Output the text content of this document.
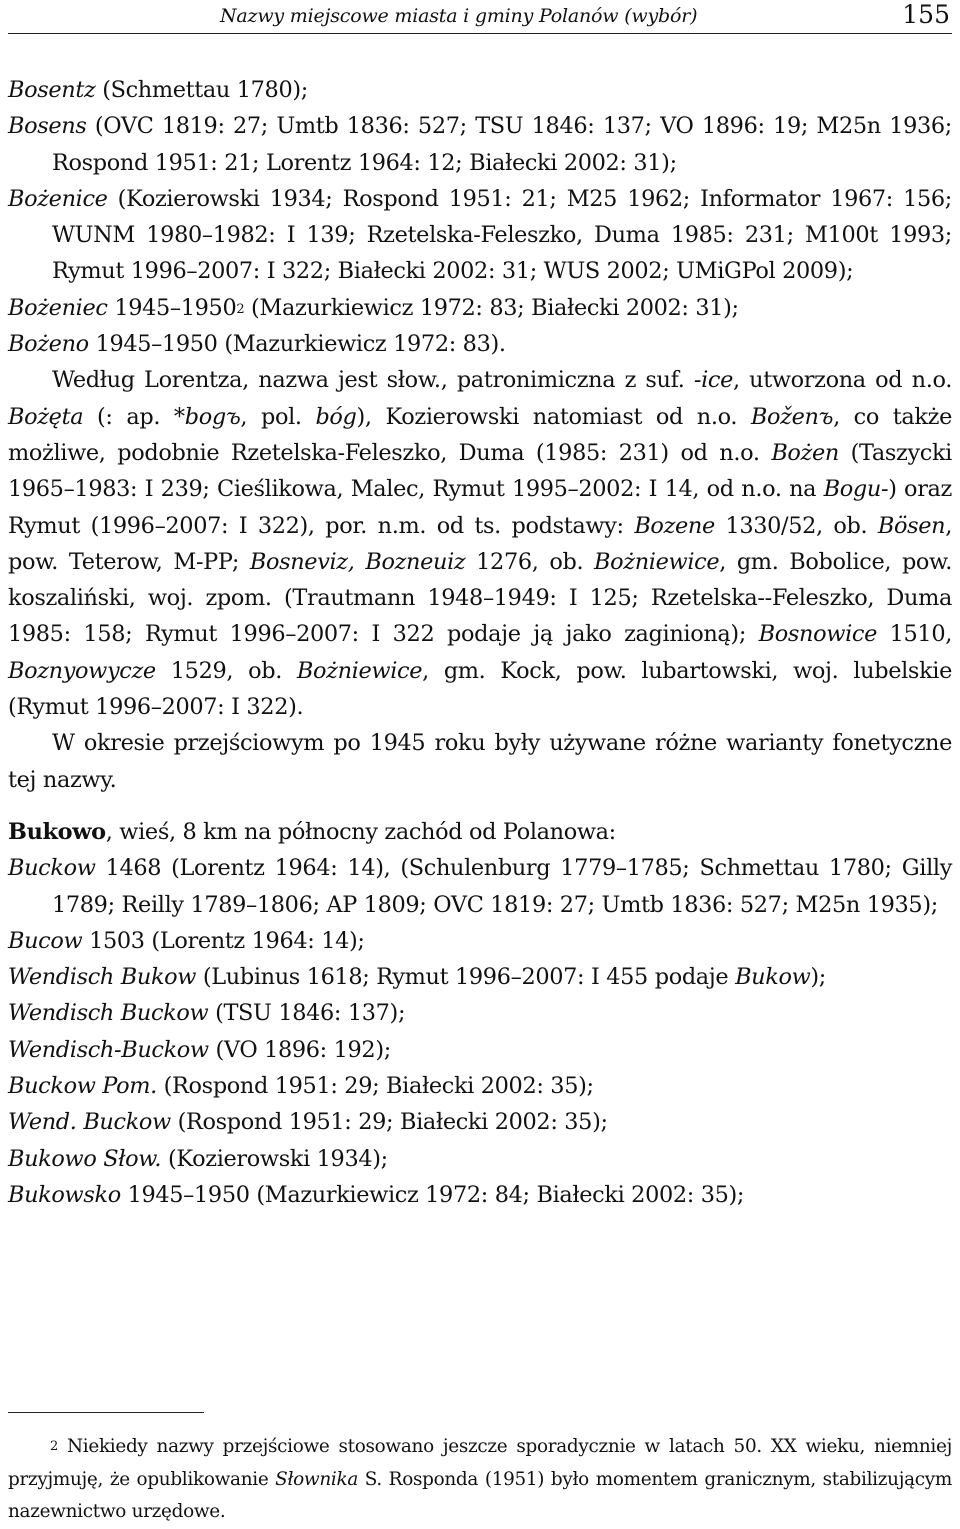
Nazwy miejscowe miasta i gminy Polanów (wybór)	155
Bosentz (Schmettau 1780);
Bosens (OVC 1819: 27; Umtb 1836: 527; TSU 1846: 137; VO 1896: 19; M25n 1936; Rospond 1951: 21; Lorentz 1964: 12; Białecki 2002: 31);
Bożenice (Kozierowski 1934; Rospond 1951: 21; M25 1962; Informator 1967: 156; WUNM 1980–1982: I 139; Rzetelska-Feleszko, Duma 1985: 231; M100t 1993; Rymut 1996–2007: I 322; Białecki 2002: 31; WUS 2002; UMiGPol 2009);
Bożeniec 1945–1950$^2$ (Mazurkiewicz 1972: 83; Białecki 2002: 31);
Bożeno 1945–1950 (Mazurkiewicz 1972: 83).
Według Lorentza, nazwa jest słow., patronimiczna z suf. -ice, utworzona od n.o. Bożęta (: ap. *bogъ, pol. bóg), Kozierowski natomiast od n.o. Boženъ, co także możliwe, podobnie Rzetelska-Feleszko, Duma (1985: 231) od n.o. Bożen (Taszycki 1965–1983: I 239; Cieślikowa, Malec, Rymut 1995–2002: I 14, od n.o. na Bogu-) oraz Rymut (1996–2007: I 322), por. n.m. od ts. podstawy: Bozene 1330/52, ob. Bösen, pow. Teterow, M-PP; Bosneviz, Bozneuiz 1276, ob. Bożniewice, gm. Bobolice, pow. koszaliński, woj. zpom. (Trautmann 1948–1949: I 125; Rzetelska--Feleszko, Duma 1985: 158; Rymut 1996–2007: I 322 podaje ją jako zaginioną); Bosnowice 1510, Boznyowycze 1529, ob. Bożniewice, gm. Kock, pow. lubartowski, woj. lubelskie (Rymut 1996–2007: I 322).
W okresie przejściowym po 1945 roku były używane różne warianty fonetyczne tej nazwy.
Bukowo, wieś, 8 km na północny zachód od Polanowa:
Buckow 1468 (Lorentz 1964: 14), (Schulenburg 1779–1785; Schmettau 1780; Gilly 1789; Reilly 1789–1806; AP 1809; OVC 1819: 27; Umtb 1836: 527; M25n 1935);
Bucow 1503 (Lorentz 1964: 14);
Wendisch Bukow (Lubinus 1618; Rymut 1996–2007: I 455 podaje Bukow);
Wendisch Buckow (TSU 1846: 137);
Wendisch-Buckow (VO 1896: 192);
Buckow Pom. (Rospond 1951: 29; Białecki 2002: 35);
Wend. Buckow (Rospond 1951: 29; Białecki 2002: 35);
Bukowo Słow. (Kozierowski 1934);
Bukowsko 1945–1950 (Mazurkiewicz 1972: 84; Białecki 2002: 35);
$^2$ Niekiedy nazwy przejściowe stosowano jeszcze sporadycznie w latach 50. XX wieku, niemniej przyjmuję, że opublikowanie Słownika S. Rosponda (1951) było momentem granicznym, stabilizującym nazewnictwo urzędowe.
